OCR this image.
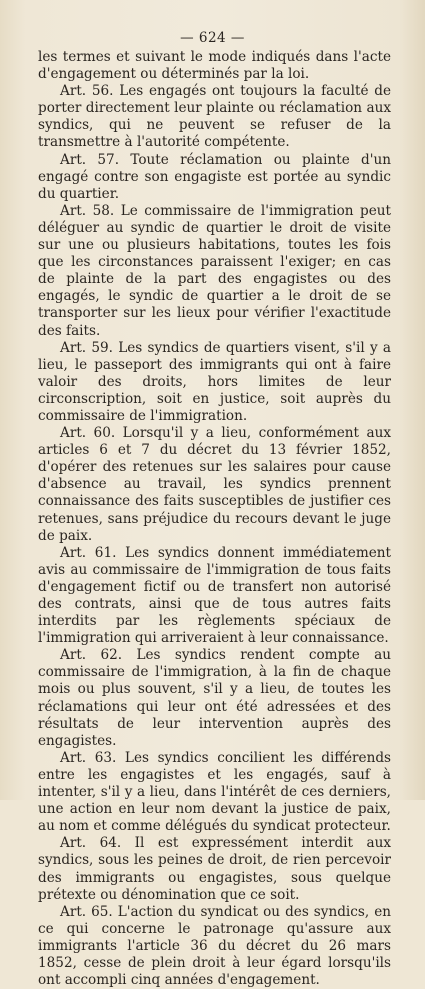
— 624 —

les termes et suivant le mode indiqués dans l'acte d'engagement ou déterminés par la loi.

Art. 56. Les engagés ont toujours la faculté de porter directement leur plainte ou réclamation aux syndics, qui ne peuvent se refuser de la transmettre à l'autorité compétente.

Art. 57. Toute réclamation ou plainte d'un engagé contre son engagiste est portée au syndic du quartier.

Art. 58. Le commissaire de l'immigration peut déléguer au syndic de quartier le droit de visite sur une ou plusieurs habitations, toutes les fois que les circonstances paraissent l'exiger; en cas de plainte de la part des engagistes ou des engagés, le syndic de quartier a le droit de se transporter sur les lieux pour vérifier l'exactitude des faits.

Art. 59. Les syndics de quartiers visent, s'il y a lieu, le passeport des immigrants qui ont à faire valoir des droits, hors limites de leur circonscription, soit en justice, soit auprès du commissaire de l'immigration.

Art. 60. Lorsqu'il y a lieu, conformément aux articles 6 et 7 du décret du 13 février 1852, d'opérer des retenues sur les salaires pour cause d'absence au travail, les syndics prennent connaissance des faits susceptibles de justifier ces retenues, sans préjudice du recours devant le juge de paix.

Art. 61. Les syndics donnent immédiatement avis au commissaire de l'immigration de tous faits d'engagement fictif ou de transfert non autorisé des contrats, ainsi que de tous autres faits interdits par les règlements spéciaux de l'immigration qui arriveraient à leur connaissance.

Art. 62. Les syndics rendent compte au commissaire de l'immigration, à la fin de chaque mois ou plus souvent, s'il y a lieu, de toutes les réclamations qui leur ont été adressées et des résultats de leur intervention auprès des engagistes.

Art. 63. Les syndics concilient les différends entre les engagistes et les engagés, sauf à intenter, s'il y a lieu, dans l'intérêt de ces derniers, une action en leur nom devant la justice de paix, au nom et comme délégués du syndicat protecteur.

Art. 64. Il est expressément interdit aux syndics, sous les peines de droit, de rien percevoir des immigrants ou engagistes, sous quelque prétexte ou dénomination que ce soit.

Art. 65. L'action du syndicat ou des syndics, en ce qui concerne le patronage qu'assure aux immigrants l'article 36 du décret du 26 mars 1852, cesse de plein droit à leur égard lorsqu'ils ont accompli cinq années d'engagement.
